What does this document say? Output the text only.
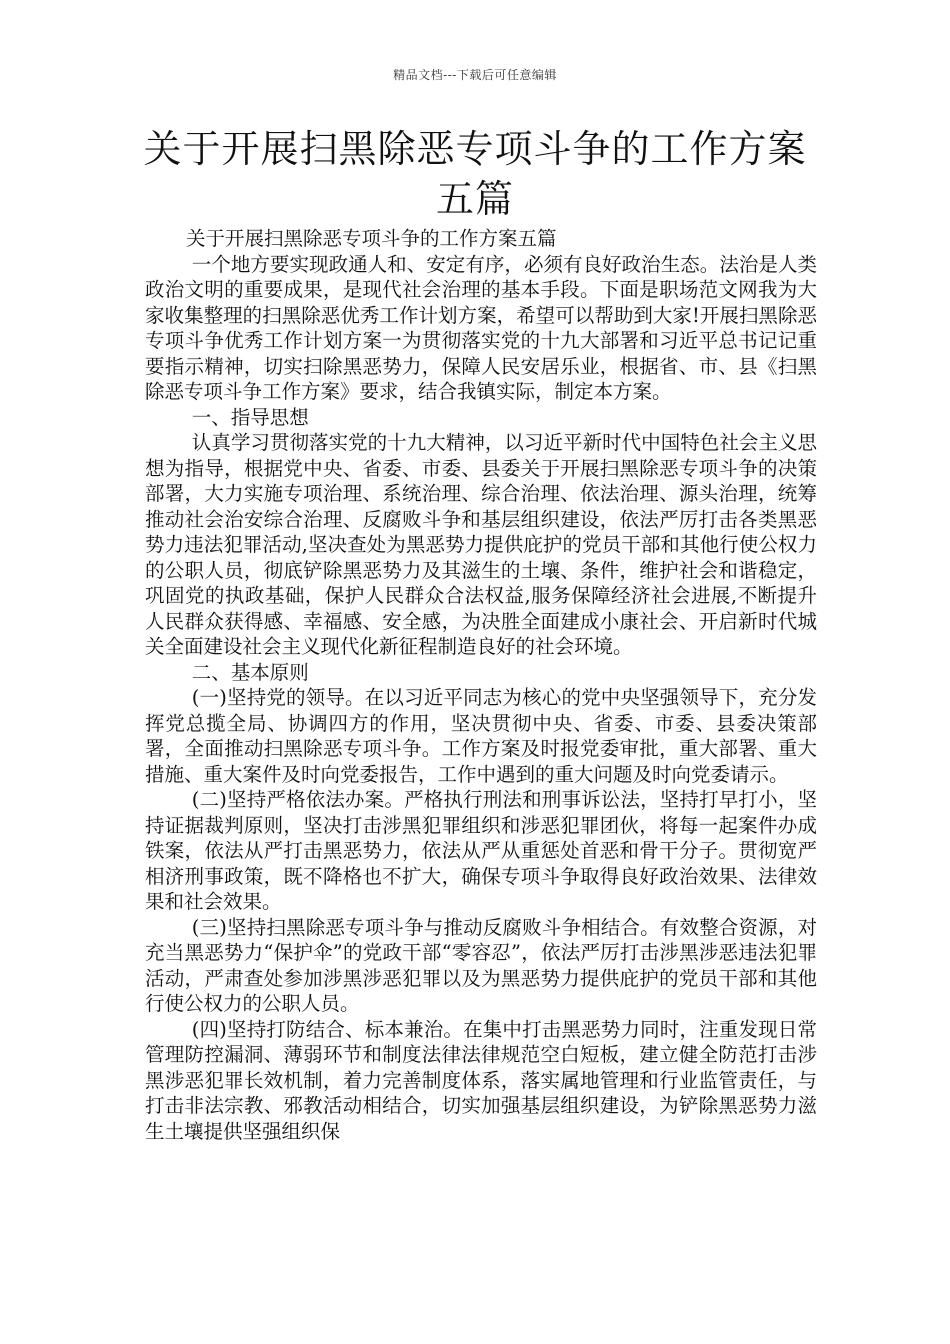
精品文档---下载后可任意编辑
关于开展扫黑除恶专项斗争的工作方案五篇

关于开展扫黑除恶专项斗争的工作方案五篇

一个地方要实现政通人和、安定有序，必须有良好政治生态。法治是人类政治文明的重要成果，是现代社会治理的基本手段。下面是职场范文网我为大家收集整理的扫黑除恶优秀工作计划方案，希望可以帮助到大家!开展扫黑除恶专项斗争优秀工作计划方案一为贯彻落实党的十九大部署和习近平总书记记重要指示精神，切实扫除黑恶势力，保障人民安居乐业，根据省、市、县《扫黑除恶专项斗争工作方案》要求，结合我镇实际，制定本方案。

一、指导思想

认真学习贯彻落实党的十九大精神，以习近平新时代中国特色社会主义思想为指导，根据党中央、省委、市委、县委关于开展扫黑除恶专项斗争的决策部署，大力实施专项治理、系统治理、综合治理、依法治理、源头治理，统筹推动社会治安综合治理、反腐败斗争和基层组织建设，依法严厉打击各类黑恶势力违法犯罪活动,坚决查处为黑恶势力提供庇护的党员干部和其他行使公权力的公职人员，彻底铲除黑恶势力及其滋生的土壤、条件，维护社会和谐稳定，巩固党的执政基础，保护人民群众合法权益,服务保障经济社会进展,不断提升人民群众获得感、幸福感、安全感，为决胜全面建成小康社会、开启新时代城关全面建设社会主义现代化新征程制造良好的社会环境。

二、基本原则

(一)坚持党的领导。在以习近平同志为核心的党中央坚强领导下，充分发挥党总揽全局、协调四方的作用，坚决贯彻中央、省委、市委、县委决策部署，全面推动扫黑除恶专项斗争。工作方案及时报党委审批，重大部署、重大措施、重大案件及时向党委报告，工作中遇到的重大问题及时向党委请示。

(二)坚持严格依法办案。严格执行刑法和刑事诉讼法，坚持打早打小，坚持证据裁判原则，坚决打击涉黑犯罪组织和涉恶犯罪团伙，将每一起案件办成铁案，依法从严打击黑恶势力，依法从严从重惩处首恶和骨干分子。贯彻宽严相济刑事政策，既不降格也不扩大，确保专项斗争取得良好政治效果、法律效果和社会效果。

(三)坚持扫黑除恶专项斗争与推动反腐败斗争相结合。有效整合资源，对充当黑恶势力“保护伞”的党政干部“零容忍”，依法严厉打击涉黑涉恶违法犯罪活动，严肃查处参加涉黑涉恶犯罪以及为黑恶势力提供庇护的党员干部和其他行使公权力的公职人员。

(四)坚持打防结合、标本兼治。在集中打击黑恶势力同时，注重发现日常管理防控漏洞、薄弱环节和制度法律法律规范空白短板，建立健全防范打击涉黑涉恶犯罪长效机制，着力完善制度体系，落实属地管理和行业监管责任，与打击非法宗教、邪教活动相结合，切实加强基层组织建设，为铲除黑恶势力滋生土壤提供坚强组织保
